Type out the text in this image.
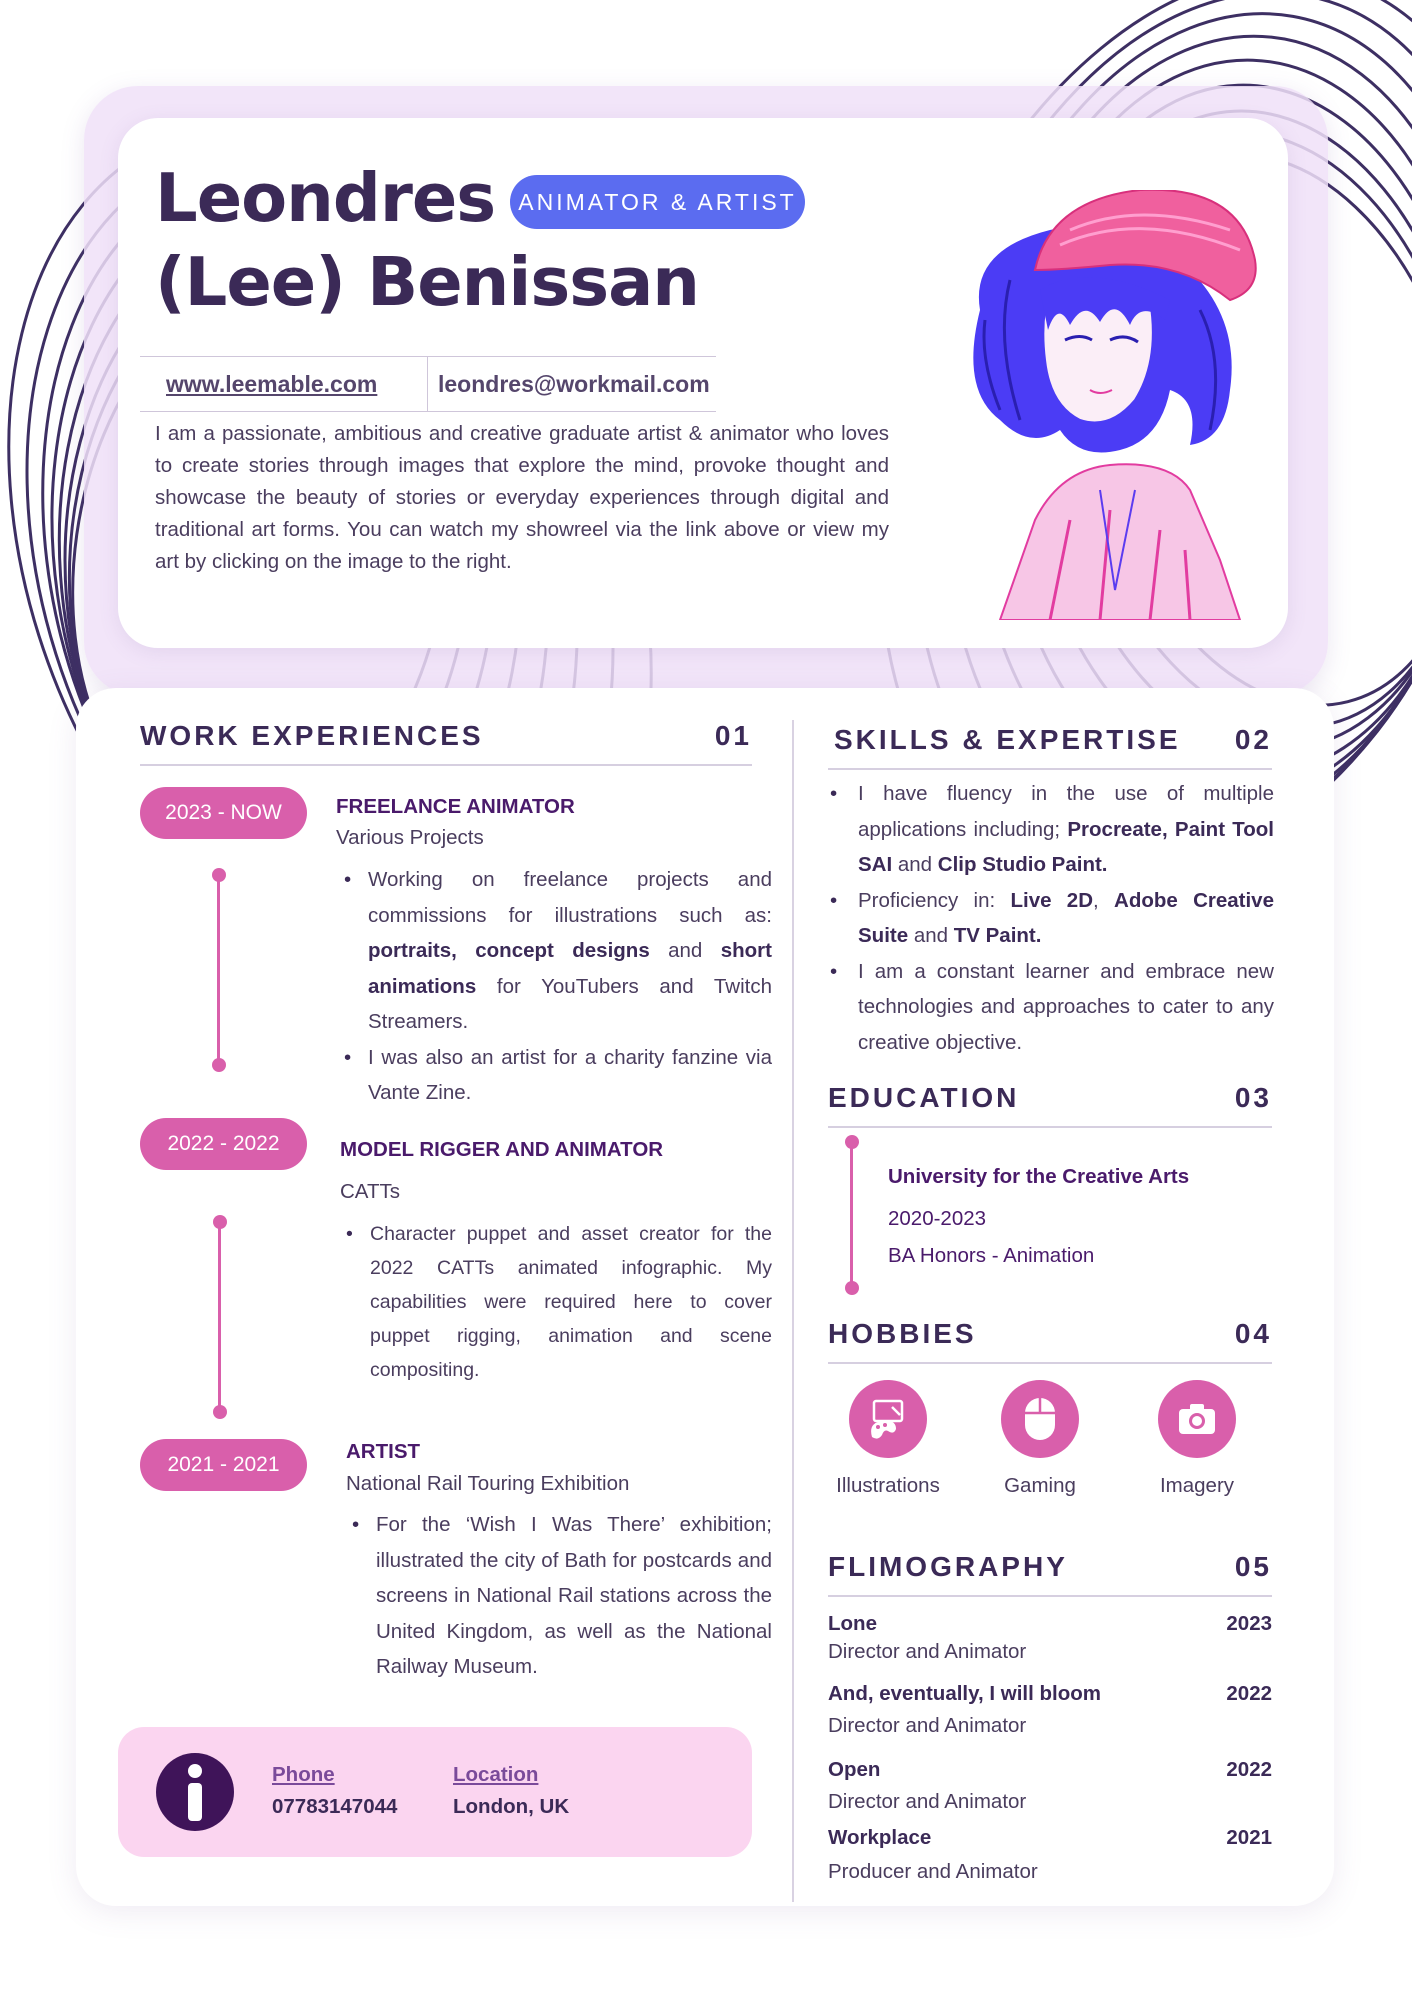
Leondres
(Lee) Benissan
ANIMATOR & ARTIST
www.leemable.com	leondres@workmail.com

I am a passionate, ambitious and creative graduate artist & animator who loves to create stories through images that explore the mind, provoke thought and showcase the beauty of stories or everyday experiences through digital and traditional art forms. You can watch my showreel via the link above or view my art by clicking on the image to the right.

WORK EXPERIENCES	01
2023 - NOW	FREELANCE ANIMATOR
Various Projects
• Working on freelance projects and commissions for illustrations such as: portraits, concept designs and short animations for YouTubers and Twitch Streamers.
• I was also an artist for a charity fanzine via Vante Zine.
2022 - 2022	MODEL RIGGER AND ANIMATOR
CATTs
• Character puppet and asset creator for the 2022 CATTs animated infographic. My capabilities were required here to cover puppet rigging, animation and scene compositing.
2021 - 2021
ARTIST
National Rail Touring Exhibition
• For the ‘Wish I Was There’ exhibition; illustrated the city of Bath for postcards and screens in National Rail stations across the United Kingdom, as well as the National Railway Museum.
Phone
07783147044
Location
London, UK
SKILLS & EXPERTISE 02
• I have fluency in the use of multiple applications including; Procreate, Paint Tool SAI and Clip Studio Paint.
• Proficiency in: Live 2D, Adobe Creative Suite and TV Paint.
• I am a constant learner and embrace new technologies and approaches to cater to any creative objective.
EDUCATION	03
University for the Creative Arts
2020-2023
BA Honors - Animation
HOBBIES	04
Illustrations	Gaming	Imagery
FLIMOGRAPHY	05
Lone	2023
Director and Animator
And, eventually, I will bloom	2022
Director and Animator
Open	2022
Director and Animator
Workplace	2021
Producer and Animator
